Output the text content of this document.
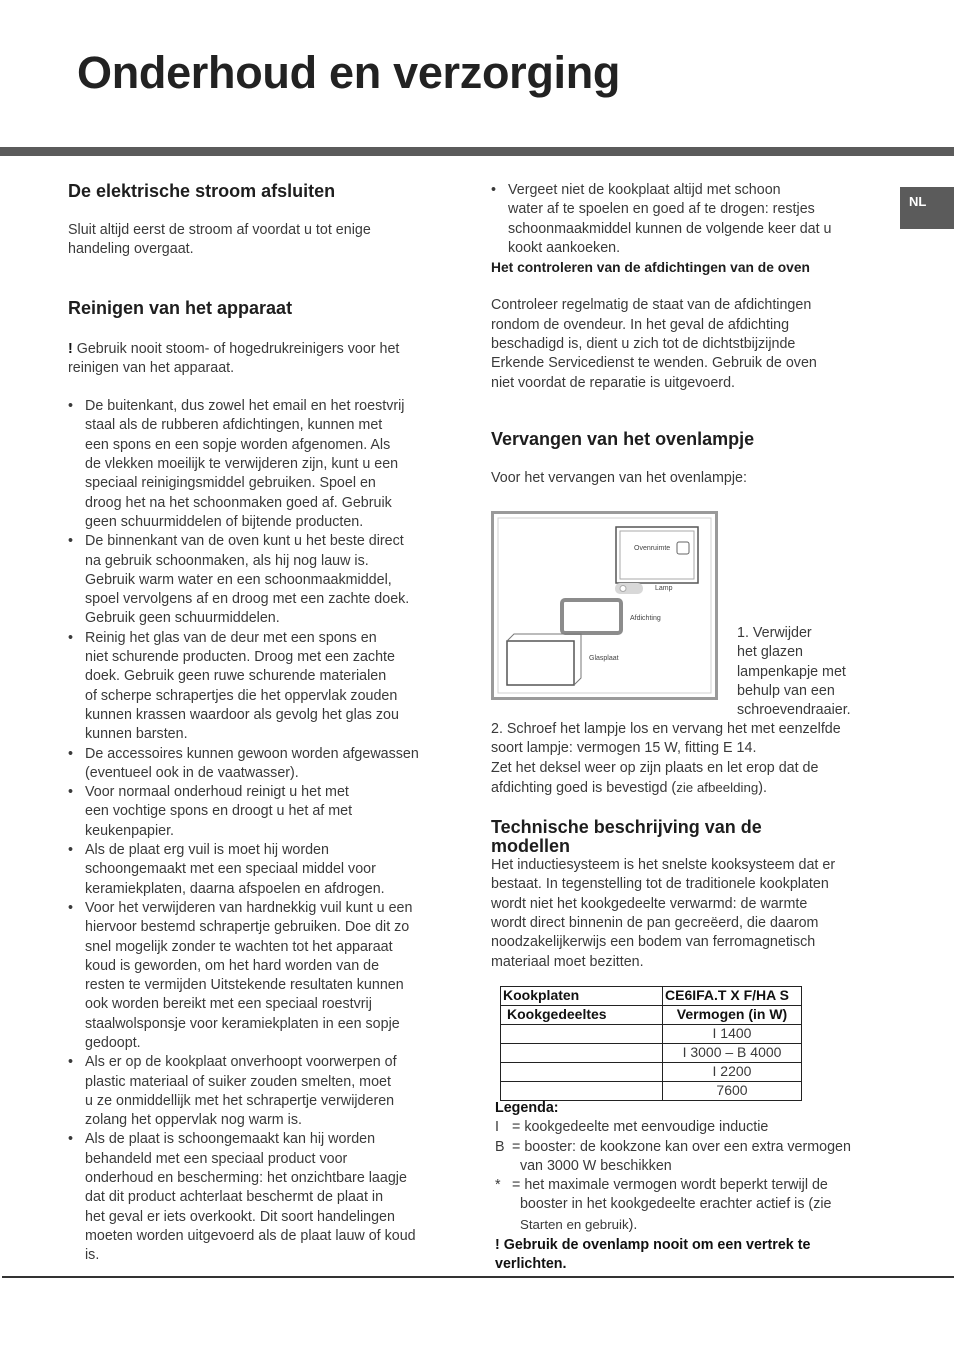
Onderhoud en verzorging
NL
De elektrische stroom afsluiten

Sluit altijd eerst de stroom af voordat u tot enige

handeling overgaat.

Reinigen van het apparaat

! Gebruik nooit stoom- of hogedrukreinigers voor het

reinigen van het apparaat.

• De buitenkant, dus zowel het email en het roestvrij

staal als de rubberen afdichtingen, kunnen met

een spons en een sopje worden afgenomen. Als

de vlekken moeilijk te verwijderen zijn, kunt u een

speciaal reinigingsmiddel gebruiken. Spoel en

droog het na het schoonmaken goed af. Gebruik

geen schuurmiddelen of bijtende producten.

• De binnenkant van de oven kunt u het beste direct

na gebruik schoonmaken, als hij nog lauw is.

Gebruik warm water en een schoonmaakmiddel,

spoel vervolgens af en droog met een zachte doek.

Gebruik geen schuurmiddelen.

• Reinig het glas van de deur met een spons en

niet schurende producten. Droog met een zachte

doek. Gebruik geen ruwe schurende materialen

of scherpe schrapertjes die het oppervlak zouden

kunnen krassen waardoor als gevolg het glas zou

kunnen barsten.

• De accessoires kunnen gewoon worden afgewassen

(eventueel ook in de vaatwasser).

• Voor normaal onderhoud reinigt u het met

een vochtige spons en droogt u het af met

keukenpapier.

• Als de plaat erg vuil is moet hij worden

schoongemaakt met een speciaal middel voor

keramiekplaten, daarna afspoelen en afdrogen.

• Voor het verwijderen van hardnekkig vuil kunt u een

hiervoor bestemd schrapertje gebruiken. Doe dit zo

snel mogelijk zonder te wachten tot het apparaat

koud is geworden, om het hard worden van de

resten te vermijden Uitstekende resultaten kunnen

ook worden bereikt met een speciaal roestvrij

staalwolsponsje voor keramiekplaten in een sopje

gedoopt.

• Als er op de kookplaat onverhoopt voorwerpen of

plastic materiaal of suiker zouden smelten, moet

u ze onmiddellijk met het schrapertje verwijderen

zolang het oppervlak nog warm is.

• Als de plaat is schoongemaakt kan hij worden

behandeld met een speciaal product voor

onderhoud en bescherming: het onzichtbare laagje

dat dit product achterlaat beschermt de plaat in

het geval er iets overkookt. Dit soort handelingen

moeten worden uitgevoerd als de plaat lauw of koud

is.

• Vergeet niet de kookplaat altijd met schoon

water af te spoelen en goed af te drogen: restjes

schoonmaakmiddel kunnen de volgende keer dat u

kookt aankoeken.

Het controleren van de afdichtingen van de oven

Controleer regelmatig de staat van de afdichtingen

rondom de ovendeur. In het geval de afdichting

beschadigd is, dient u zich tot de dichtstbijzijnde

Erkende Servicedienst te wenden. Gebruik de oven

niet voordat de reparatie is uitgevoerd.

Vervangen van het ovenlampje

Voor het vervangen van het ovenlampje:

Ovenruimte
Lamp
Afdichting
Glasplaat

1. Verwijder

het glazen

lampenkapje met

behulp van een

schroevendraaier.

2. Schroef het lampje los en vervang het met eenzelfde

soort lampje: vermogen 15 W, fitting E 14.

Zet het deksel weer op zijn plaats en let erop dat de

afdichting goed is bevestigd (zie afbeelding).

Technische beschrijving van de
modellen

Het inductiesysteem is het snelste kooksysteem dat er

bestaat. In tegenstelling tot de traditionele kookplaten

wordt niet het kookgedeelte verwarmd: de warmte

wordt direct binnenin de pan gecreëerd, die daarom

noodzakelijkerwijs een bodem van ferromagnetisch

materiaal moet bezitten.

Kookplaten	CE6IFA.T X F/HA S
Kookgedeeltes	Vermogen (in W)
	I 1400
	I 3000 – B 4000
	I 2200
	7600

Legenda:

I = kookgedeelte met eenvoudige inductie

B = booster: de kookzone kan over een extra vermogen

van 3000 W beschikken

* = het maximale vermogen wordt beperkt terwijl de

booster in het kookgedeelte erachter actief is (zie

Starten en gebruik).

! Gebruik de ovenlamp nooit om een vertrek te

verlichten.
